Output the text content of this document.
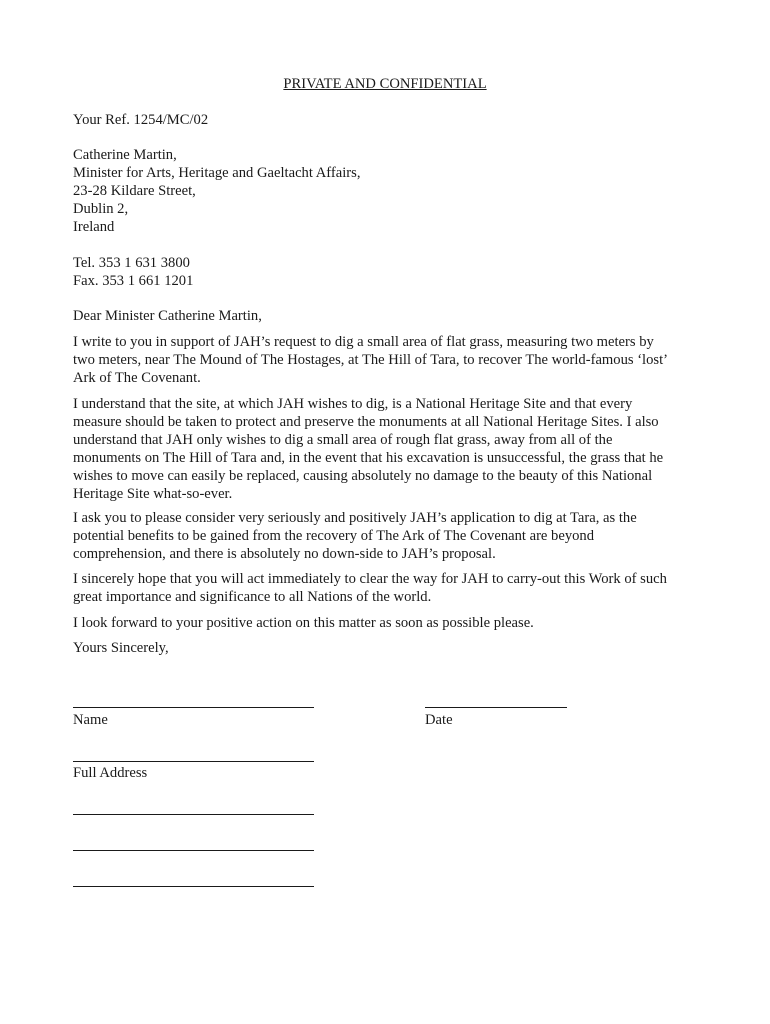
PRIVATE AND CONFIDENTIAL
Your Ref. 1254/MC/02
Catherine Martin,
Minister for Arts, Heritage and Gaeltacht Affairs,
23-28 Kildare Street,
Dublin 2,
Ireland
Tel. 353 1 631 3800
Fax. 353 1 661 1201
Dear Minister Catherine Martin,
I write to you in support of JAH’s request to dig a small area of flat grass, measuring two meters by
two meters, near The Mound of The Hostages, at The Hill of Tara, to recover The world-famous ‘lost’
Ark of The Covenant.
I understand that the site, at which JAH wishes to dig, is a National Heritage Site and that every
measure should be taken to protect and preserve the monuments at all National Heritage Sites. I also
understand that JAH only wishes to dig a small area of rough flat grass, away from all of the
monuments on The Hill of Tara and, in the event that his excavation is unsuccessful, the grass that he
wishes to move can easily be replaced, causing absolutely no damage to the beauty of this National
Heritage Site what-so-ever.
I ask you to please consider very seriously and positively JAH’s application to dig at Tara, as the
potential benefits to be gained from the recovery of The Ark of The Covenant are beyond
comprehension, and there is absolutely no down-side to JAH’s proposal.
I sincerely hope that you will act immediately to clear the way for JAH to carry-out this Work of such
great importance and significance to all Nations of the world.
I look forward to your positive action on this matter as soon as possible please.
Yours Sincerely,
Name	Date
Full Address
